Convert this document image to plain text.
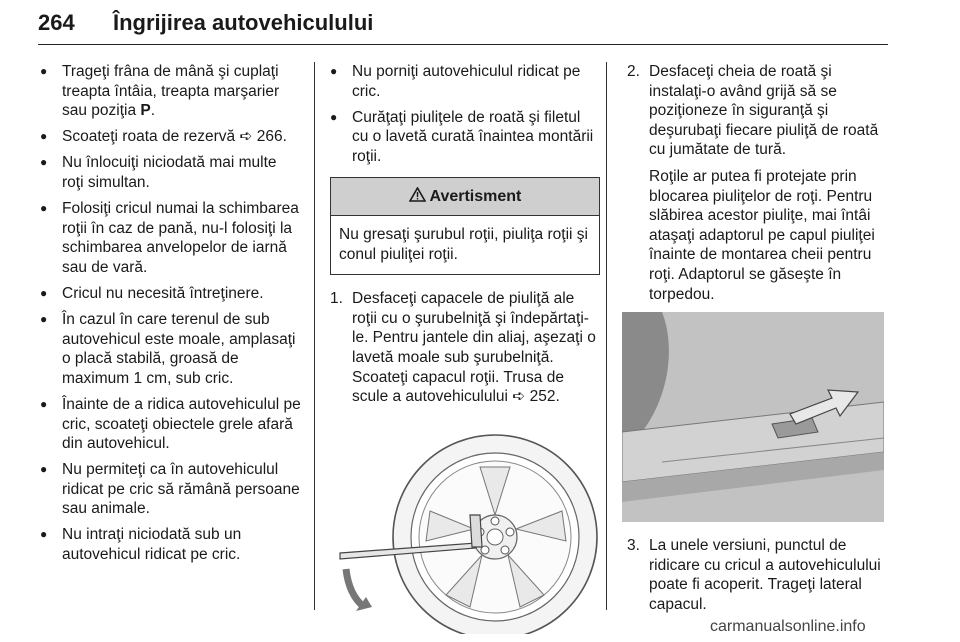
264 Îngrijirea autovehiculului
● Trageţi frâna de mână şi cuplaţi treapta întâia, treapta marşarier sau poziţia P.
● Scoateţi roata de rezervă ➪ 266.
● Nu înlocuiţi niciodată mai multe roţi simultan.
● Folosiţi cricul numai la schimbarea roţii în caz de pană, nu-l folosiţi la schimbarea anvelopelor de iarnă sau de vară.
● Cricul nu necesită întreţinere.
● În cazul în care terenul de sub autovehicul este moale, amplasaţi o placă stabilă, groasă de maximum 1 cm, sub cric.
● Înainte de a ridica autovehiculul pe cric, scoateţi obiectele grele afară din autovehicul.
● Nu permiteţi ca în autovehiculul ridicat pe cric să rămână persoane sau animale.
● Nu intraţi niciodată sub un autovehicul ridicat pe cric.
● Nu porniţi autovehiculul ridicat pe cric.
● Curăţaţi piuliţele de roată şi filetul cu o lavetă curată înaintea montării roţii.
Avertisment
Nu gresaţi şurubul roţii, piuliţa roţii şi conul piuliţei roţii.
1. Desfaceţi capacele de piuliţă ale roţii cu o şurubelniţă şi îndepărtaţi-le. Pentru jantele din aliaj, aşezaţi o lavetă moale sub şurubelniţă. Scoateţi capacul roţii. Trusa de scule a autovehiculului ➪ 252.

2. Desfaceţi cheia de roată şi instalaţi-o având grijă să se poziţioneze în siguranţă şi deşurubaţi fiecare piuliţă de roată cu jumătate de tură.

Roţile ar putea fi protejate prin blocarea piuliţelor de roţi. Pentru slăbirea acestor piuliţe, mai întâi ataşaţi adaptorul pe capul piuliţei înainte de montarea cheii pentru roţi. Adaptorul se găseşte în torpedou.

3. La unele versiuni, punctul de ridicare cu cricul a autovehiculului poate fi acoperit. Trageţi lateral capacul.

carmanualsonline.info
